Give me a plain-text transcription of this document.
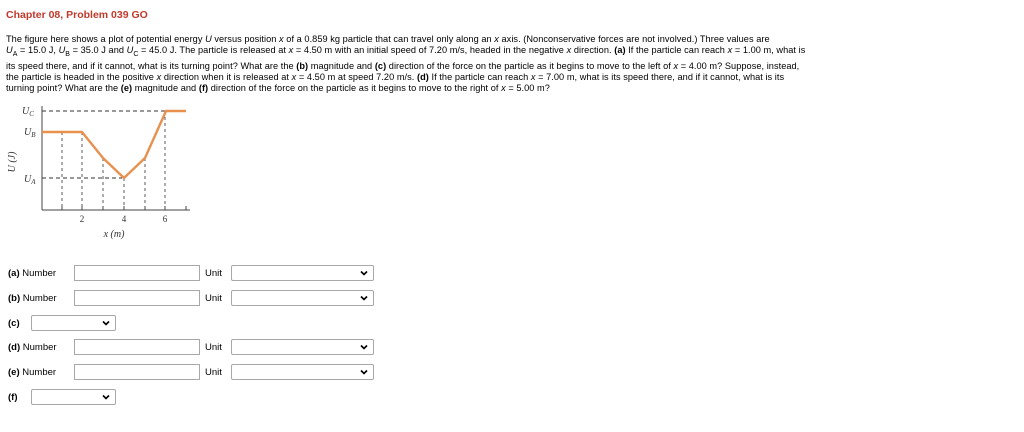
Chapter 08, Problem 039 GO
The figure here shows a plot of potential energy U versus position x of a 0.859 kg particle that can travel only along an x axis. (Nonconservative forces are not involved.) Three values are
$U_A = 15.0$ J, $U_B = 35.0$ J and $U_C = 45.0$ J. The particle is released at x = 4.50 m with an initial speed of 7.20 m/s, headed in the negative x direction. (a) If the particle can reach x = 1.00 m, what is
its speed there, and if it cannot, what is its turning point? What are the (b) magnitude and (c) direction of the force on the particle as it begins to move to the left of x = 4.00 m? Suppose, instead,
the particle is headed in the positive x direction when it is released at x = 4.50 m at speed 7.20 m/s. (d) If the particle can reach x = 7.00 m, what is its speed there, and if it cannot, what is its
turning point? What are the (e) magnitude and (f) direction of the force on the particle as it begins to move to the right of x = 5.00 m?
U (J)
$U_C$
$U_B$
$U_A$
2	4	6
x (m)
(a) Number	Unit
(b) Number	Unit
(c)
(d) Number	Unit
(e) Number	Unit
(f)
